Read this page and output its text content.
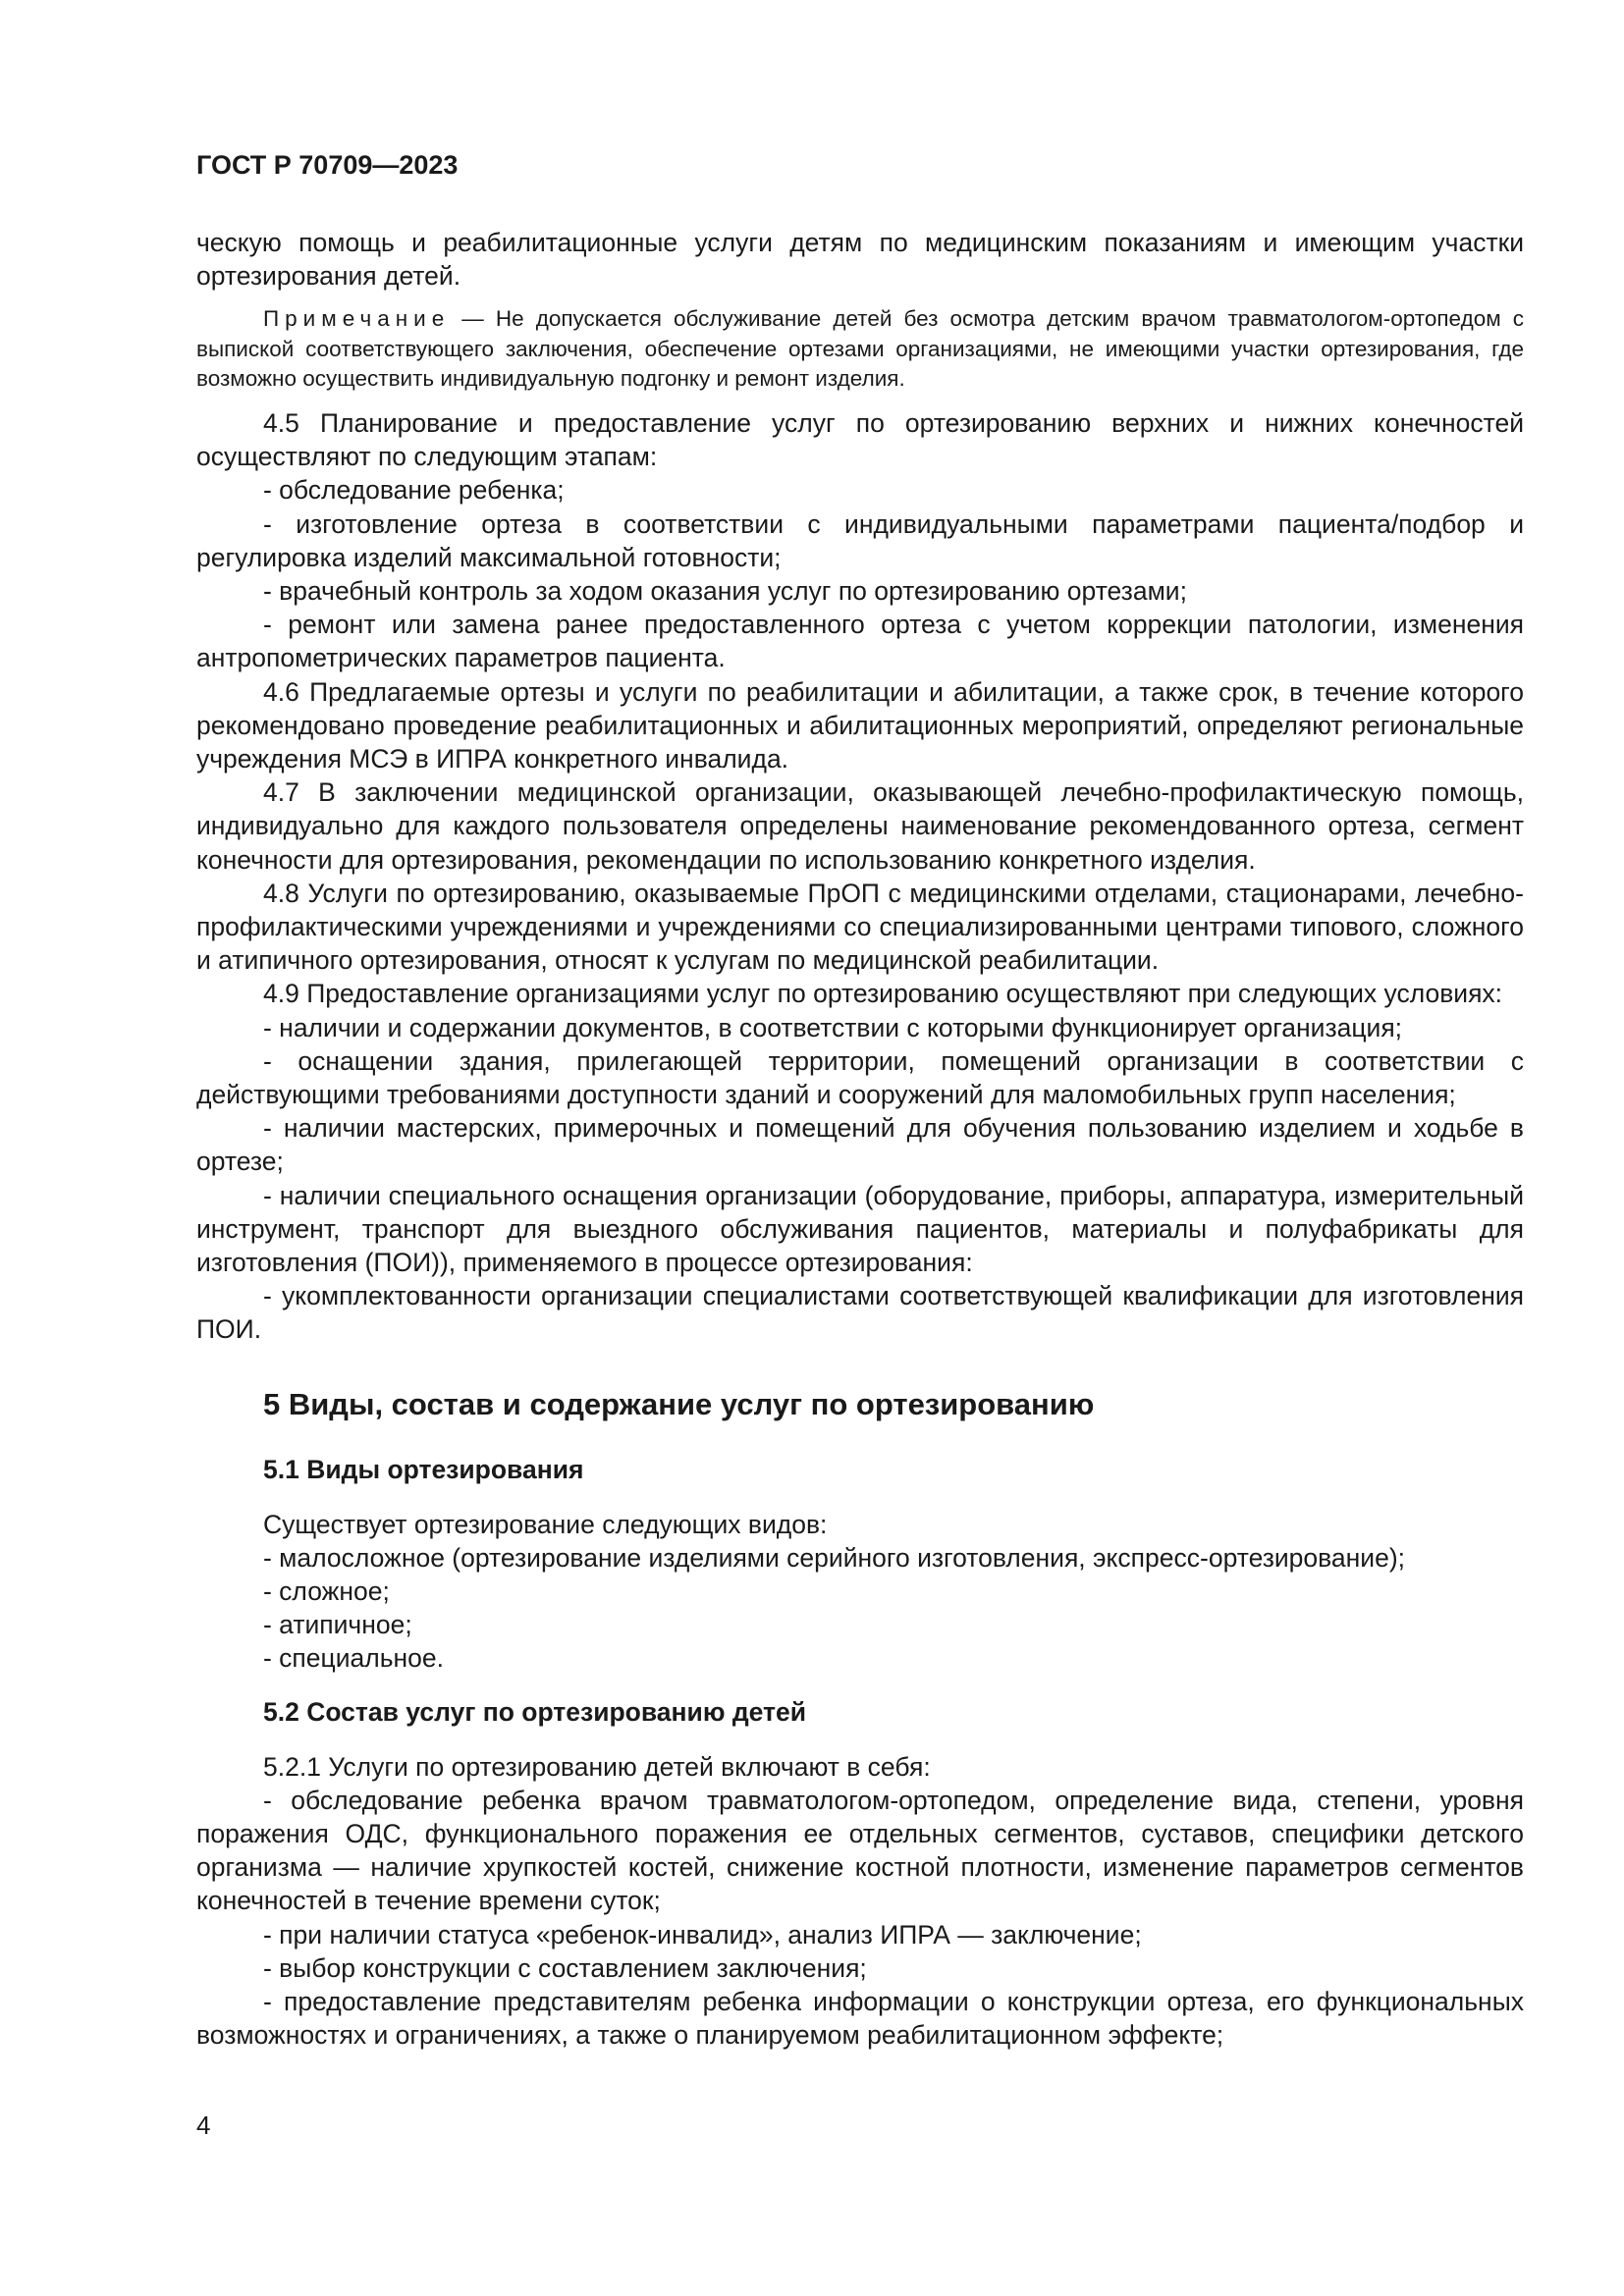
ГОСТ Р 70709—2023

ческую помощь и реабилитационные услуги детям по медицинским показаниям и имеющим участки ортезирования детей.

Примечание — Не допускается обслуживание детей без осмотра детским врачом травматологом-ортопедом с выпиской соответствующего заключения, обеспечение ортезами организациями, не имеющими участки ортезирования, где возможно осуществить индивидуальную подгонку и ремонт изделия.

4.5 Планирование и предоставление услуг по ортезированию верхних и нижних конечностей осуществляют по следующим этапам:

- обследование ребенка;

- изготовление ортеза в соответствии с индивидуальными параметрами пациента/подбор и регулировка изделий максимальной готовности;

- врачебный контроль за ходом оказания услуг по ортезированию ортезами;

- ремонт или замена ранее предоставленного ортеза с учетом коррекции патологии, изменения антропометрических параметров пациента.

4.6 Предлагаемые ортезы и услуги по реабилитации и абилитации, а также срок, в течение которого рекомендовано проведение реабилитационных и абилитационных мероприятий, определяют региональные учреждения МСЭ в ИПРА конкретного инвалида.

4.7 В заключении медицинской организации, оказывающей лечебно-профилактическую помощь, индивидуально для каждого пользователя определены наименование рекомендованного ортеза, сегмент конечности для ортезирования, рекомендации по использованию конкретного изделия.

4.8 Услуги по ортезированию, оказываемые ПрОП с медицинскими отделами, стационарами, лечебно-профилактическими учреждениями и учреждениями со специализированными центрами типового, сложного и атипичного ортезирования, относят к услугам по медицинской реабилитации.

4.9 Предоставление организациями услуг по ортезированию осуществляют при следующих условиях:

- наличии и содержании документов, в соответствии с которыми функционирует организация;

- оснащении здания, прилегающей территории, помещений организации в соответствии с действующими требованиями доступности зданий и сооружений для маломобильных групп населения;

- наличии мастерских, примерочных и помещений для обучения пользованию изделием и ходьбе в ортезе;

- наличии специального оснащения организации (оборудование, приборы, аппаратура, измерительный инструмент, транспорт для выездного обслуживания пациентов, материалы и полуфабрикаты для изготовления (ПОИ)), применяемого в процессе ортезирования:

- укомплектованности организации специалистами соответствующей квалификации для изготовления ПОИ.

5 Виды, состав и содержание услуг по ортезированию
5.1 Виды ортезирования

Существует ортезирование следующих видов:

- малосложное (ортезирование изделиями серийного изготовления, экспресс-ортезирование);

- сложное;

- атипичное;

- специальное.

5.2 Состав услуг по ортезированию детей

5.2.1 Услуги по ортезированию детей включают в себя:

- обследование ребенка врачом травматологом-ортопедом, определение вида, степени, уровня поражения ОДС, функционального поражения ее отдельных сегментов, суставов, специфики детского организма — наличие хрупкостей костей, снижение костной плотности, изменение параметров сегментов конечностей в течение времени суток;

- при наличии статуса «ребенок-инвалид», анализ ИПРА — заключение;

- выбор конструкции с составлением заключения;

- предоставление представителям ребенка информации о конструкции ортеза, его функциональных возможностях и ограничениях, а также о планируемом реабилитационном эффекте;

4
